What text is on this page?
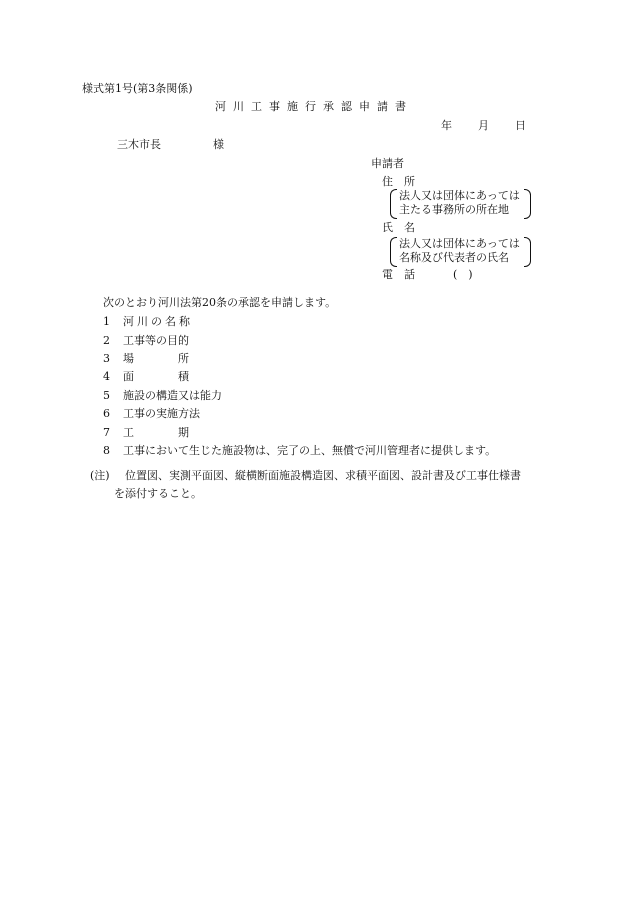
様式第1号(第3条関係)
河川工事施行承認申請書
年 月 日
三木市長	様
申請者
住　所
法人又は団体にあっては
主たる事務所の所在地
氏　名
法人又は団体にあっては
名称及び代表者の氏名
電　話	(　)
次のとおり河川法第20条の承認を申請します。
1 河川の名称
2 工事等の目的
3 場　　　　所
4 面　　　　積
5 施設の構造又は能力
6 工事の実施方法
7 工　　　　期
8 工事において生じた施設物は、完了の上、無償で河川管理者に提供します。
(注) 位置図、実測平面図、縦横断面施設構造図、求積平面図、設計書及び工事仕様書
を添付すること。
